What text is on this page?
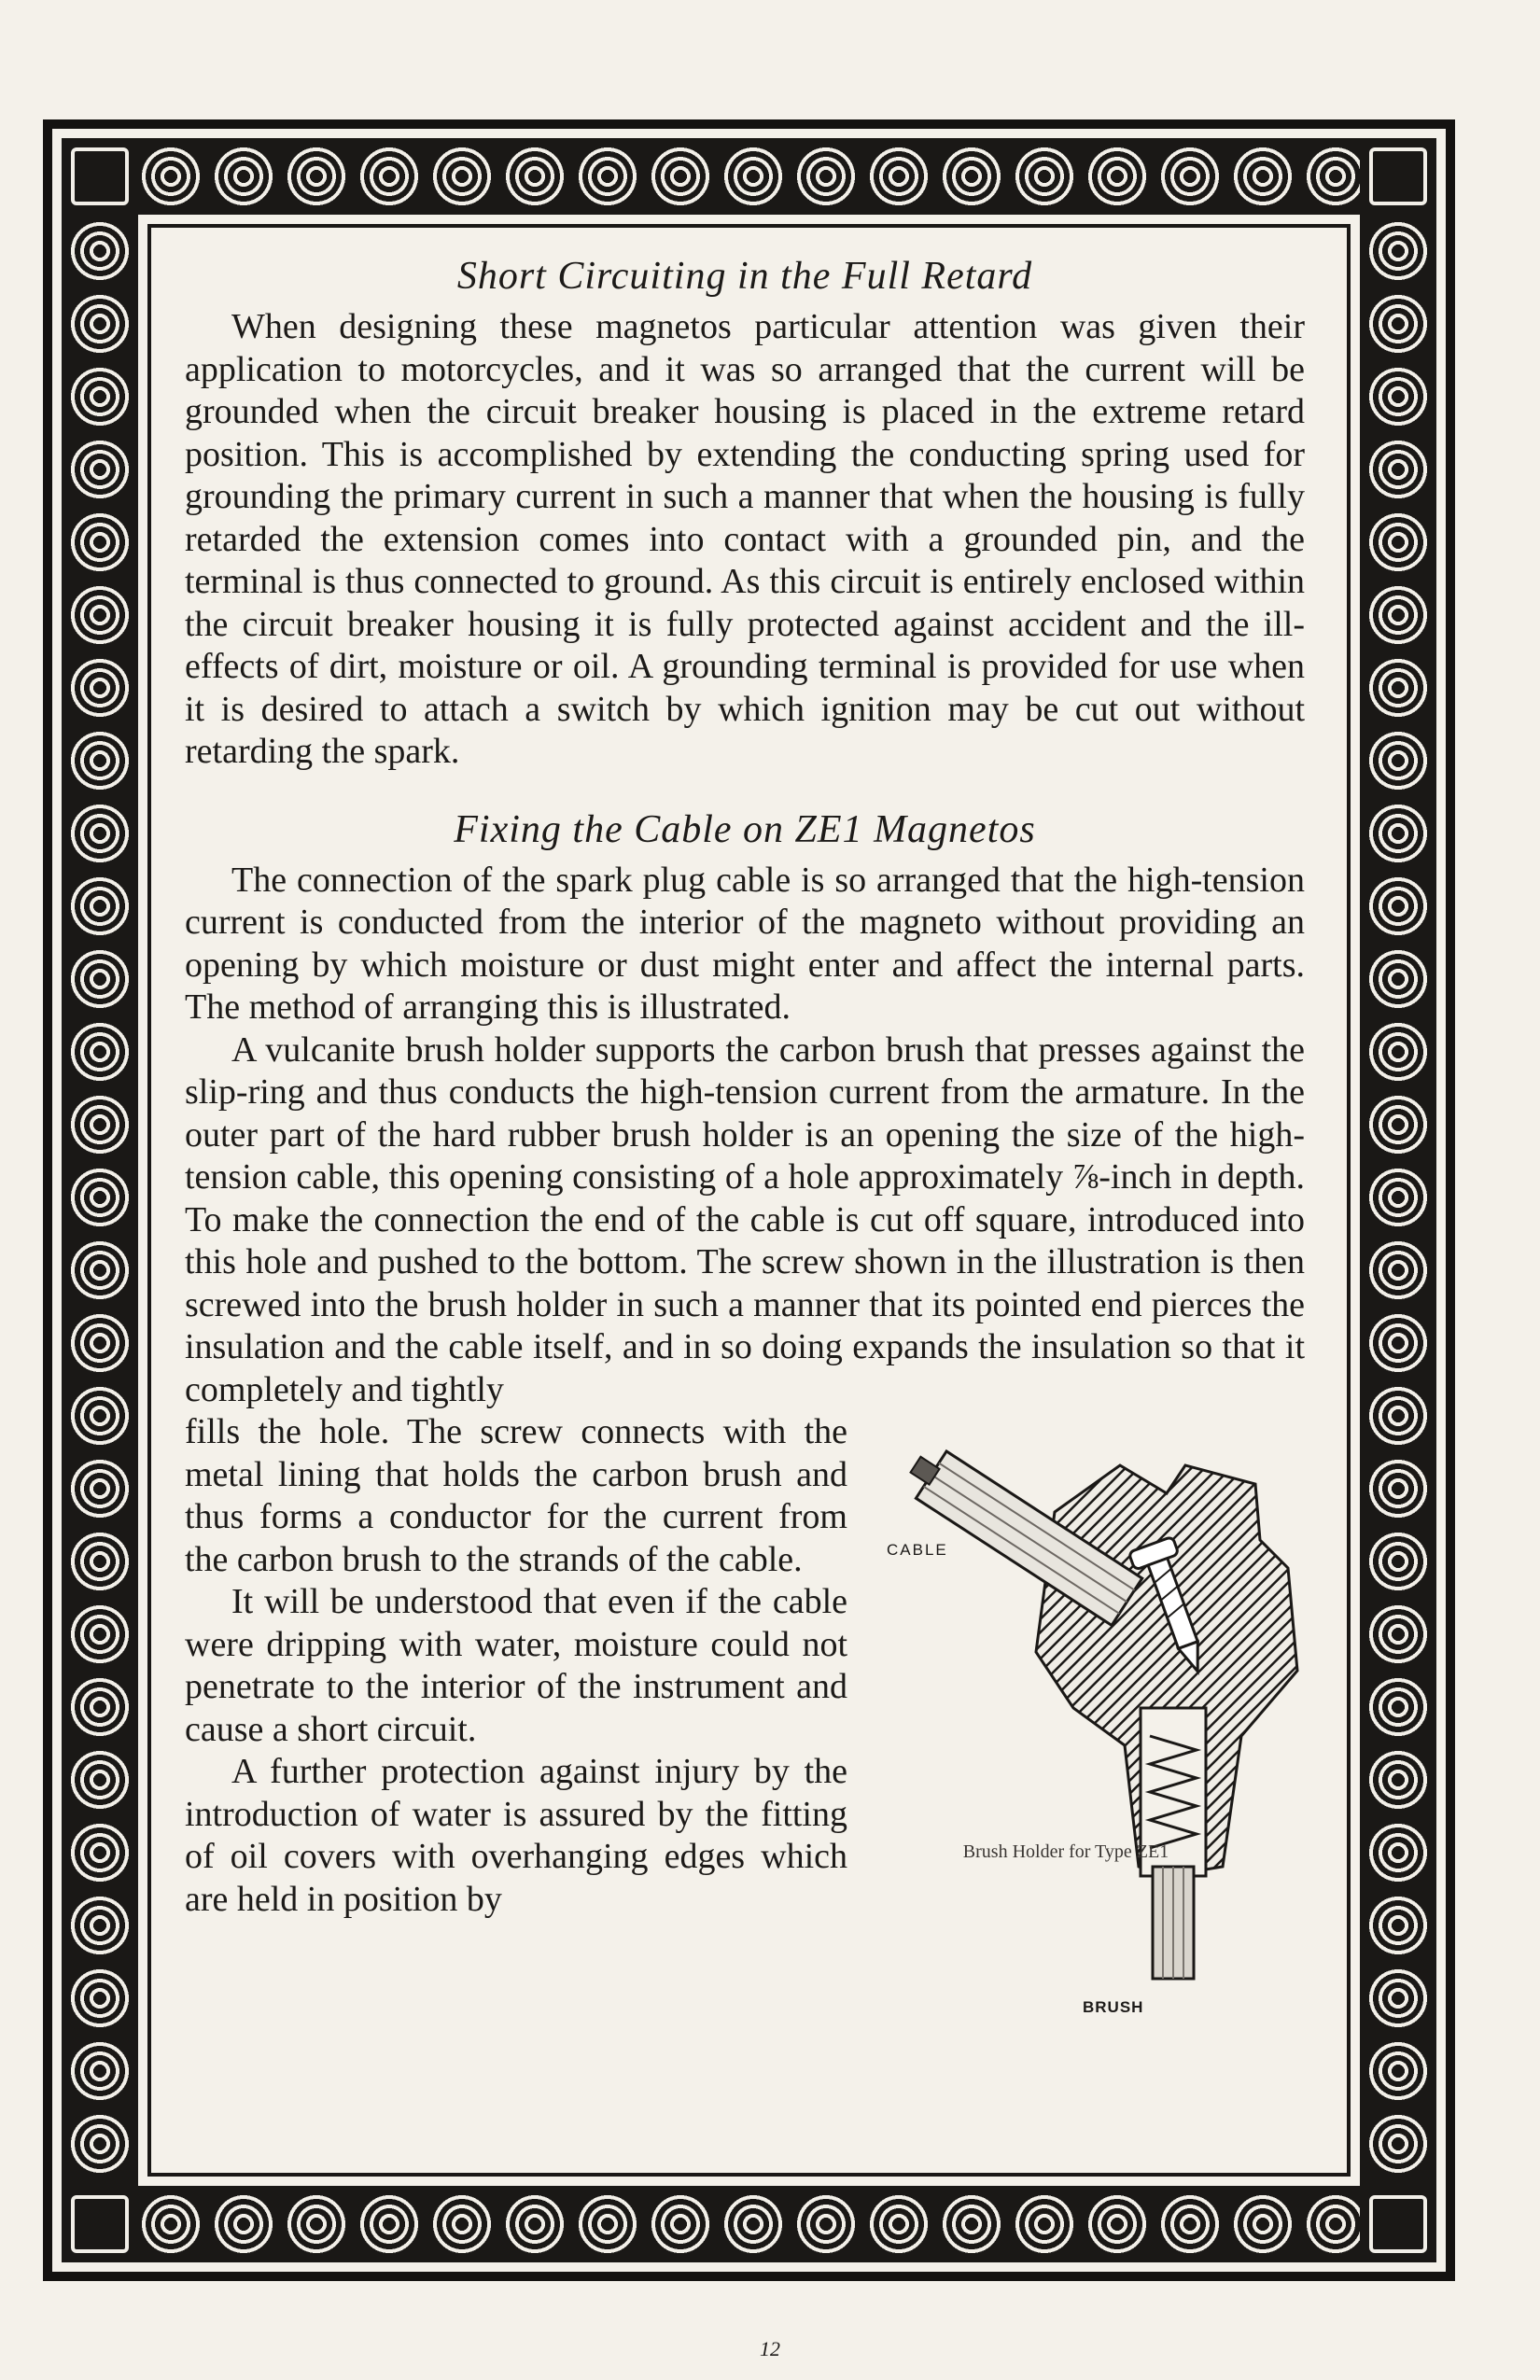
Short Circuiting in the Full Retard

When designing these magnetos particular attention was given their application to motorcycles, and it was so arranged that the current will be grounded when the circuit breaker housing is placed in the extreme retard position. This is accomplished by extending the conducting spring used for grounding the primary current in such a manner that when the housing is fully retarded the extension comes into contact with a grounded pin, and the terminal is thus connected to ground. As this circuit is entirely enclosed within the circuit breaker housing it is fully protected against accident and the ill-effects of dirt, moisture or oil. A grounding terminal is provided for use when it is desired to attach a switch by which ignition may be cut out without retarding the spark.

Fixing the Cable on ZE1 Magnetos

The connection of the spark plug cable is so arranged that the high-tension current is conducted from the interior of the magneto without providing an opening by which moisture or dust might enter and affect the internal parts. The method of arranging this is illustrated.

A vulcanite brush holder supports the carbon brush that presses against the slip-ring and thus conducts the high-tension current from the armature. In the outer part of the hard rubber brush holder is an opening the size of the high-tension cable, this opening consisting of a hole approximately ⅞-inch in depth. To make the connection the end of the cable is cut off square, introduced into this hole and pushed to the bottom. The screw shown in the illustration is then screwed into the brush holder in such a manner that its pointed end pierces the insulation and the cable itself, and in so doing expands the insulation so that it completely and tightly

fills the hole. The screw connects with the metal lining that holds the carbon brush and thus forms a conductor for the current from the carbon brush to the strands of the cable.

It will be understood that even if the cable were dripping with water, moisture could not penetrate to the interior of the instrument and cause a short circuit.

A further protection against injury by the introduction of water is assured by the fitting of oil covers with overhanging edges which are held in position by

CABLE
Brush Holder for Type ZE1
BRUSH
12
